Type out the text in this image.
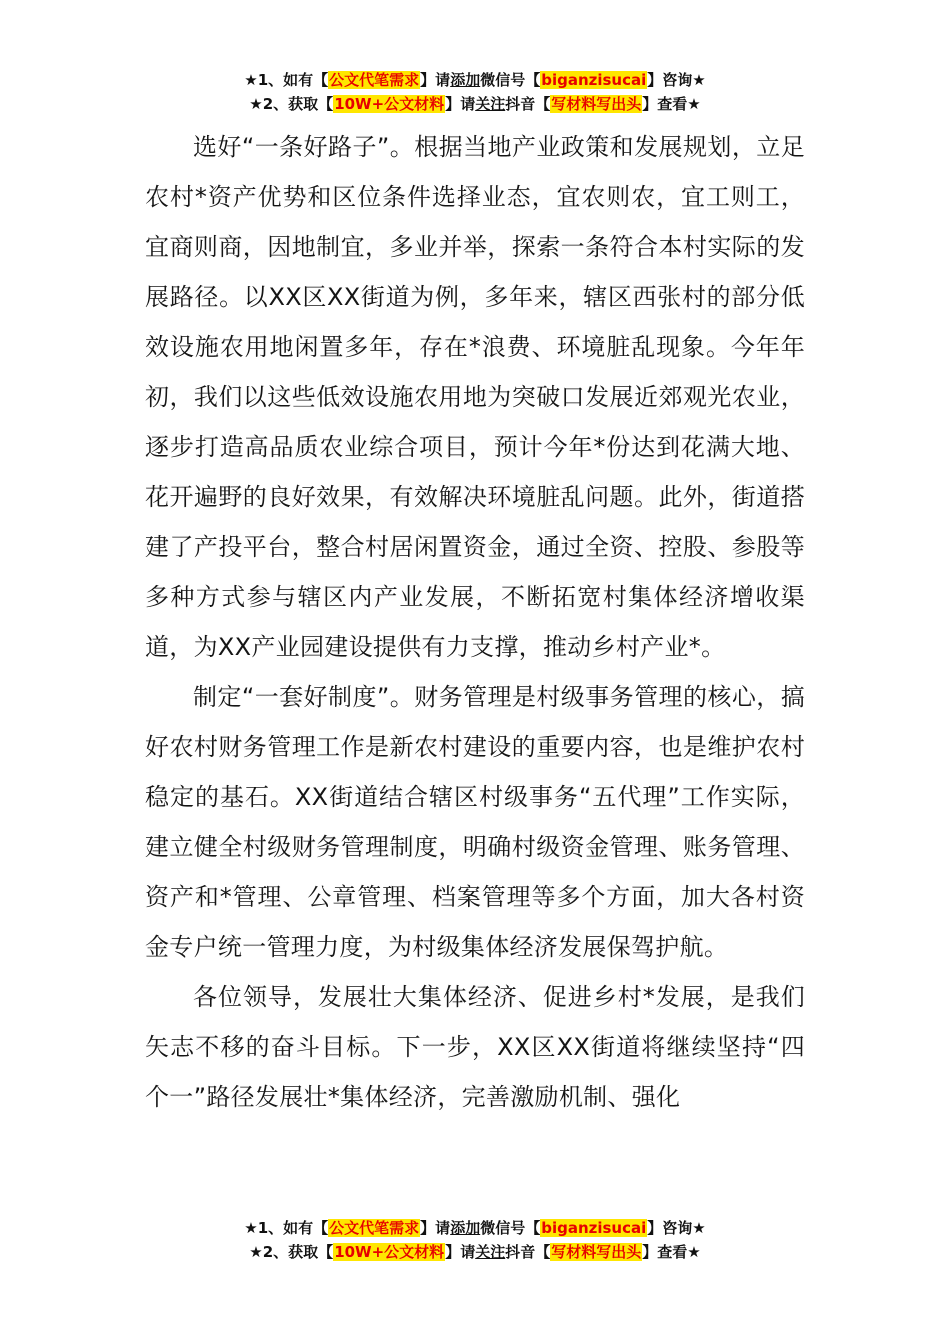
★1、如有【公文代笔需求】请添加微信号【biganzisucai】咨询★
★2、获取【10W+公文材料】请关注抖音【写材料写出头】查看★

选好“一条好路子”。根据当地产业政策和发展规划，立足农村*资产优势和区位条件选择业态，宜农则农，宜工则工，宜商则商，因地制宜，多业并举，探索一条符合本村实际的发展路径。以XX区XX街道为例，多年来，辖区西张村的部分低效设施农用地闲置多年，存在*浪费、环境脏乱现象。今年年初，我们以这些低效设施农用地为突破口发展近郊观光农业，逐步打造高品质农业综合项目，预计今年*份达到花满大地、花开遍野的良好效果，有效解决环境脏乱问题。此外，街道搭建了产投平台，整合村居闲置资金，通过全资、控股、参股等多种方式参与辖区内产业发展，不断拓宽村集体经济增收渠道，为XX产业园建设提供有力支撑，推动乡村产业*。

制定“一套好制度”。财务管理是村级事务管理的核心，搞好农村财务管理工作是新农村建设的重要内容，也是维护农村稳定的基石。XX街道结合辖区村级事务“五代理”工作实际，建立健全村级财务管理制度，明确村级资金管理、账务管理、资产和*管理、公章管理、档案管理等多个方面，加大各村资金专户统一管理力度，为村级集体经济发展保驾护航。

各位领导，发展壮大集体经济、促进乡村*发展，是我们矢志不移的奋斗目标。下一步，XX区XX街道将继续坚持“四个一”路径发展壮*集体经济，完善激励机制、强化

★1、如有【公文代笔需求】请添加微信号【biganzisucai】咨询★
★2、获取【10W+公文材料】请关注抖音【写材料写出头】查看★
